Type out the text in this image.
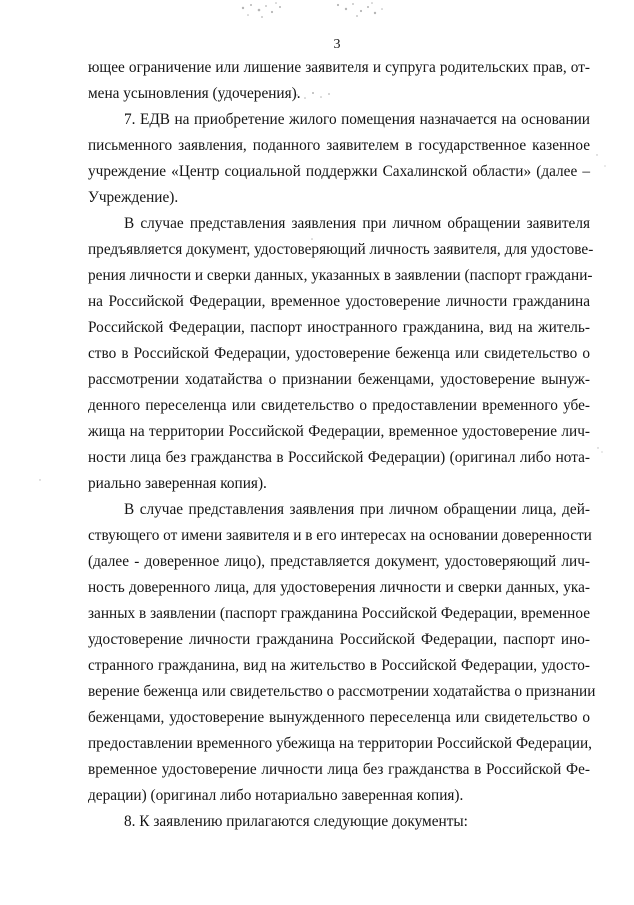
3
ющее ограничение или лишение заявителя и супруга родительских прав, от-
мена усыновления (удочерения).
7. ЕДВ на приобретение жилого помещения назначается на основании
письменного заявления, поданного заявителем в государственное казенное
учреждение «Центр социальной поддержки Сахалинской области» (далее –
Учреждение).
В случае представления заявления при личном обращении заявителя
предъявляется документ, удостоверяющий личность заявителя, для удостове-
рения личности и сверки данных, указанных в заявлении (паспорт граждани-
на Российской Федерации, временное удостоверение личности гражданина
Российской Федерации, паспорт иностранного гражданина, вид на житель-
ство в Российской Федерации, удостоверение беженца или свидетельство о
рассмотрении ходатайства о признании беженцами, удостоверение вынуж-
денного переселенца или свидетельство о предоставлении временного убе-
жища на территории Российской Федерации, временное удостоверение лич-
ности лица без гражданства в Российской Федерации) (оригинал либо нота-
риально заверенная копия).
В случае представления заявления при личном обращении лица, дей-
ствующего от имени заявителя и в его интересах на основании доверенности
(далее - доверенное лицо), представляется документ, удостоверяющий лич-
ность доверенного лица, для удостоверения личности и сверки данных, ука-
занных в заявлении (паспорт гражданина Российской Федерации, временное
удостоверение личности гражданина Российской Федерации, паспорт ино-
странного гражданина, вид на жительство в Российской Федерации, удосто-
верение беженца или свидетельство о рассмотрении ходатайства о признании
беженцами, удостоверение вынужденного переселенца или свидетельство о
предоставлении временного убежища на территории Российской Федерации,
временное удостоверение личности лица без гражданства в Российской Фе-
дерации) (оригинал либо нотариально заверенная копия).
8. К заявлению прилагаются следующие документы:
